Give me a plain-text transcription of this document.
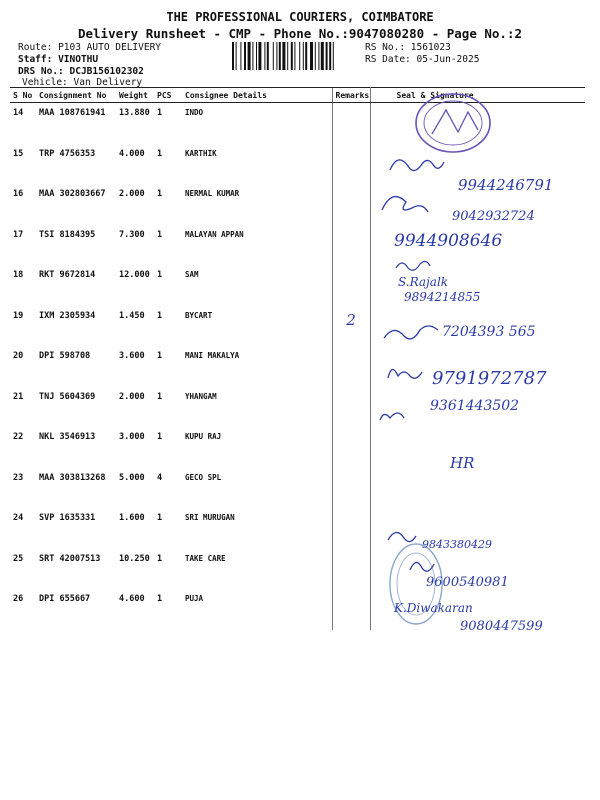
THE PROFESSIONAL COURIERS, COIMBATORE
Delivery Runsheet - CMP - Phone No.:9047080280 - Page No.:2
Route: P103 AUTO DELIVERY
Staff: VINOTHU
DRS No.: DCJB156102302
Vehicle: Van Delivery
RS No.: 1561023
RS Date: 05-Jun-2025
S No	Consignment No	Weight	PCS	Consignee Details	Remarks	Seal & Signature
14	MAA 108761941	13.880	1	INDO		
15	TRP 4756353	4.000	1	KARTHIK		
16	MAA 302803667	2.000	1	NERMAL KUMAR		
17	TSI 8184395	7.300	1	MALAYAN APPAN		
18	RKT 9672814	12.000	1	SAM		
19	IXM 2305934	1.450	1	BYCART	2	
20	DPI 598708	3.600	1	MANI MAKALYA		
21	TNJ 5604369	2.000	1	YHANGAM		
22	NKL 3546913	3.000	1	KUPU RAJ		
23	MAA 303813268	5.000	4	GECO SPL		
24	SVP 1635331	1.600	1	SRI MURUGAN		
25	SRT 42007513	10.250	1	TAKE CARE		
26	DPI 655667	4.600	1	PUJA		
9944246791
9042932724
9944908646
S.Rajalk
9894214855
7204393 565
9791972787
9361443502
HR
9843380429
9600540981
K.Diwakaran
9080447599
